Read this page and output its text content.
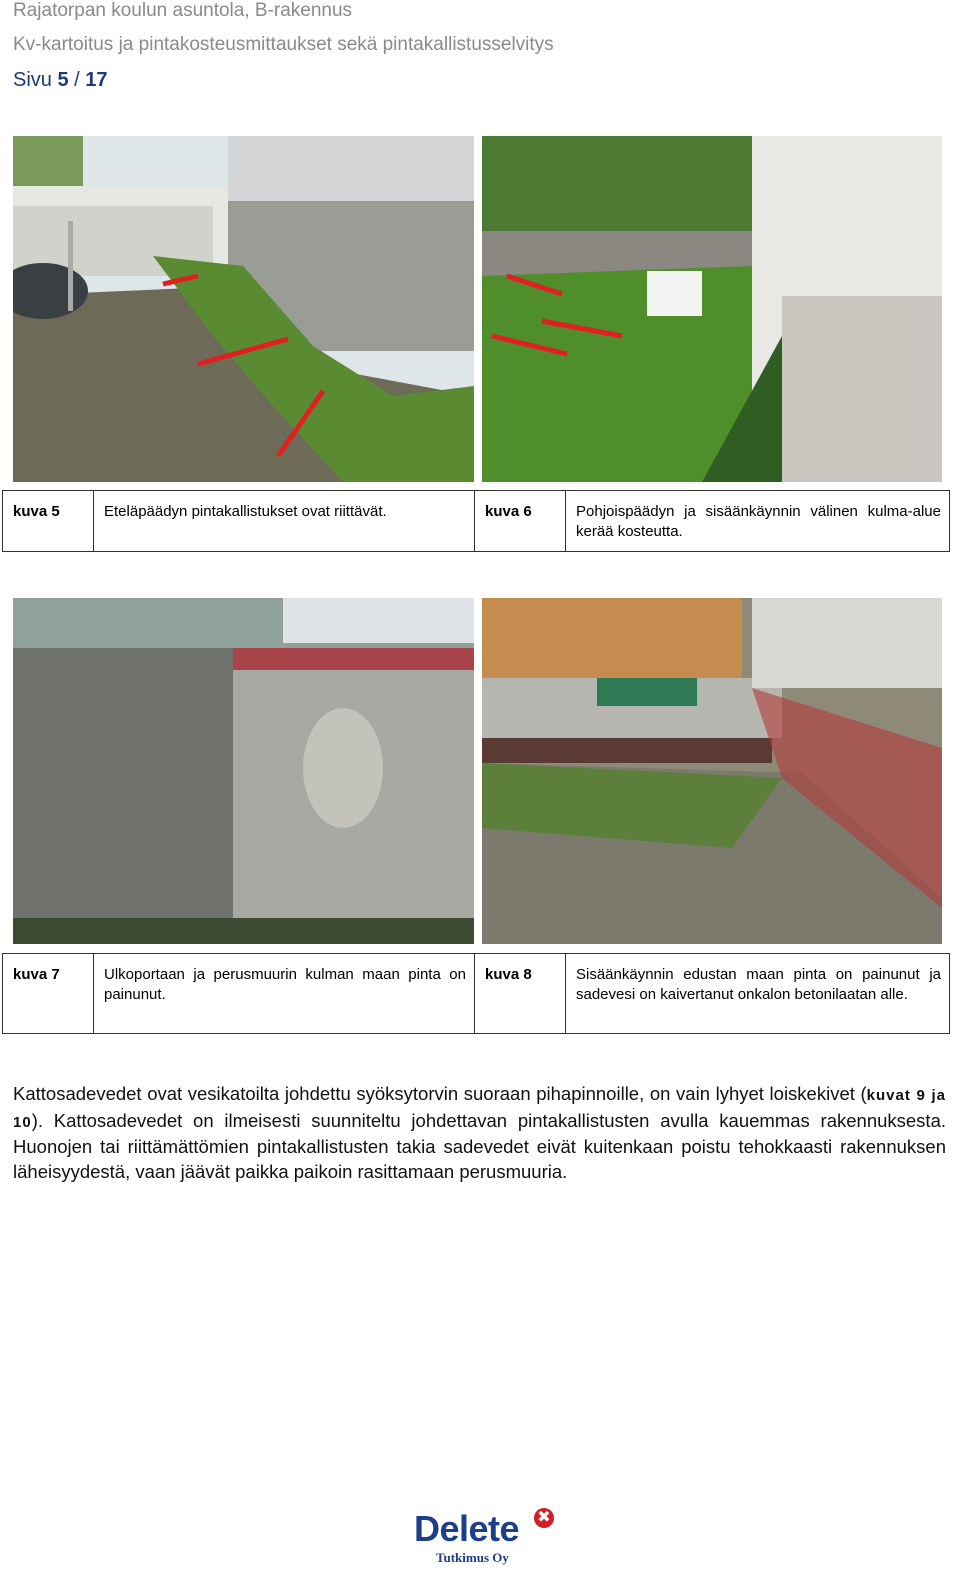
Rajatorpan koulun asuntola, B-rakennus
Kv-kartoitus ja pintakosteusmittaukset sekä pintakallistusselvitys
Sivu 5 / 17
kuva 5	Eteläpäädyn pintakallistukset ovat riittävät.	kuva 6	Pohjoispäädyn ja sisäänkäynnin välinen kulma-alue kerää kosteutta.
kuva 7	Ulkoportaan ja perusmuurin kulman maan pinta on painunut.	kuva 8	Sisäänkäynnin edustan maan pinta on painunut ja sadevesi on kaivertanut onkalon betonilaatan alle.
Kattosadevedet ovat vesikatoilta johdettu syöksytorvin suoraan pihapinnoille, on vain lyhyet loiskekivet (kuvat 9 ja 10). Kattosadevedet on ilmeisesti suunniteltu johdettavan pintakallistusten avulla kauemmas rakennuksesta. Huonojen tai riittämättömien pintakallistusten takia sadevedet eivät kuitenkaan poistu tehokkaasti rakennuksen läheisyydestä, vaan jäävät paikka paikoin rasittamaan perusmuuria.
Delete ✖
Tutkimus Oy
